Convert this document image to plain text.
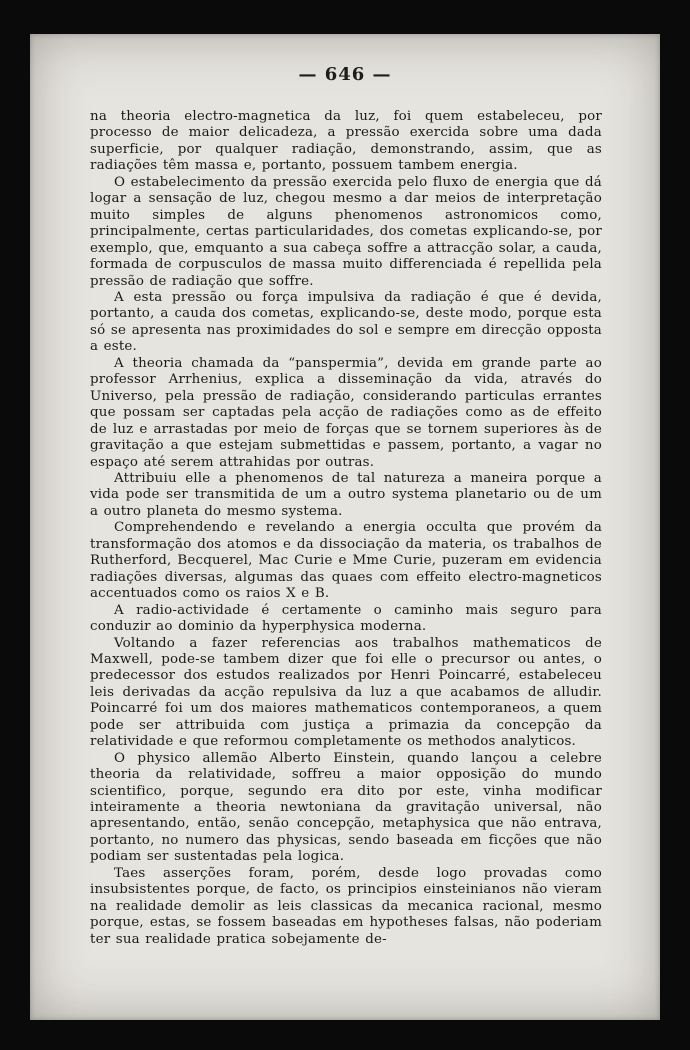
— 646 —

na theoria electro-magnetica da luz, foi quem estabeleceu, por processo de maior delicadeza, a pressão exercida sobre uma dada superficie, por qualquer radiação, demonstrando, assim, que as radiações têm massa e, portanto, possuem tambem energia.

O estabelecimento da pressão exercida pelo fluxo de energia que dá logar a sensação de luz, chegou mesmo a dar meios de interpretação muito simples de alguns phenomenos astronomicos como, principalmente, certas particularidades, dos cometas explicando-se, por exemplo, que, emquanto a sua cabeça soffre a attracção solar, a cauda, formada de corpusculos de massa muito differenciada é repellida pela pressão de radiação que soffre.

A esta pressão ou força impulsiva da radiação é que é devida, portanto, a cauda dos cometas, explicando-se, deste modo, porque esta só se apresenta nas proximidades do sol e sempre em direcção opposta a este.

A theoria chamada da “panspermia”, devida em grande parte ao professor Arrhenius, explica a disseminação da vida, através do Universo, pela pressão de radiação, considerando particulas errantes que possam ser captadas pela acção de radiações como as de effeito de luz e arrastadas por meio de forças que se tornem superiores às de gravitação a que estejam submettidas e passem, portanto, a vagar no espaço até serem attrahidas por outras.

Attribuiu elle a phenomenos de tal natureza a maneira porque a vida pode ser transmitida de um a outro systema planetario ou de um a outro planeta do mesmo systema.

Comprehendendo e revelando a energia occulta que provém da transformação dos atomos e da dissociação da materia, os trabalhos de Rutherford, Becquerel, Mac Curie e Mme Curie, puzeram em evidencia radiações diversas, algumas das quaes com effeito electro-magneticos accentuados como os raios X e B.

A radio-actividade é certamente o caminho mais seguro para conduzir ao dominio da hyperphysica moderna.

Voltando a fazer referencias aos trabalhos mathematicos de Maxwell, pode-se tambem dizer que foi elle o precursor ou antes, o predecessor dos estudos realizados por Henri Poincarré, estabeleceu leis derivadas da acção repulsiva da luz a que acabamos de alludir. Poincarré foi um dos maiores mathematicos contemporaneos, a quem pode ser attribuida com justiça a primazia da concepção da relatividade e que reformou completamente os methodos analyticos.

O physico allemão Alberto Einstein, quando lançou a celebre theoria da relatividade, soffreu a maior opposição do mundo scientifico, porque, segundo era dito por este, vinha modificar inteiramente a theoria newtoniana da gravitação universal, não apresentando, então, senão concepção, metaphysica que não entrava, portanto, no numero das physicas, sendo baseada em ficções que não podiam ser sustentadas pela logica.

Taes asserções foram, porém, desde logo provadas como insubsistentes porque, de facto, os principios einsteinianos não vieram na realidade demolir as leis classicas da mecanica racional, mesmo porque, estas, se fossem baseadas em hypotheses falsas, não poderiam ter sua realidade pratica sobejamente de-
